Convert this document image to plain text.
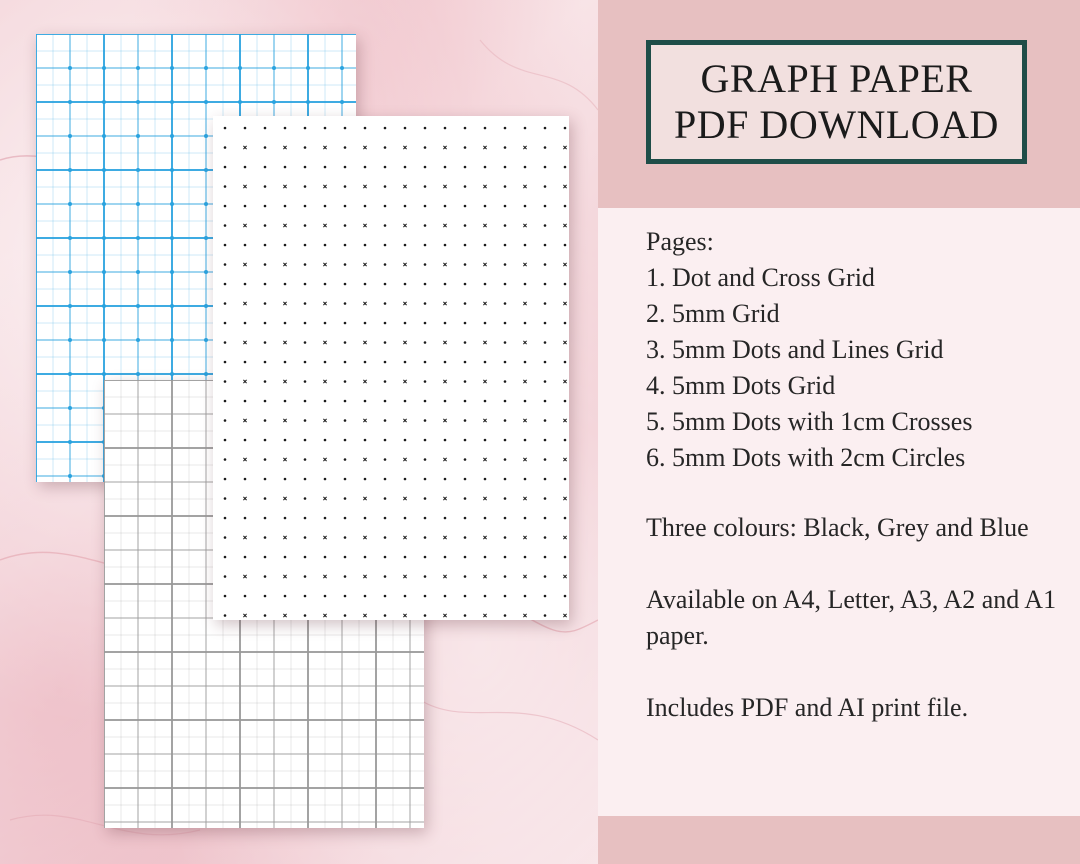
GRAPH PAPER
PDF DOWNLOAD

Pages:

1. Dot and Cross Grid

2. 5mm Grid

3. 5mm Dots and Lines Grid

4. 5mm Dots Grid

5. 5mm Dots with 1cm Crosses

6. 5mm Dots with 2cm Circles

Three colours: Black, Grey and Blue

Available on A4, Letter, A3, A2 and A1 paper.

Includes PDF and AI print file.
